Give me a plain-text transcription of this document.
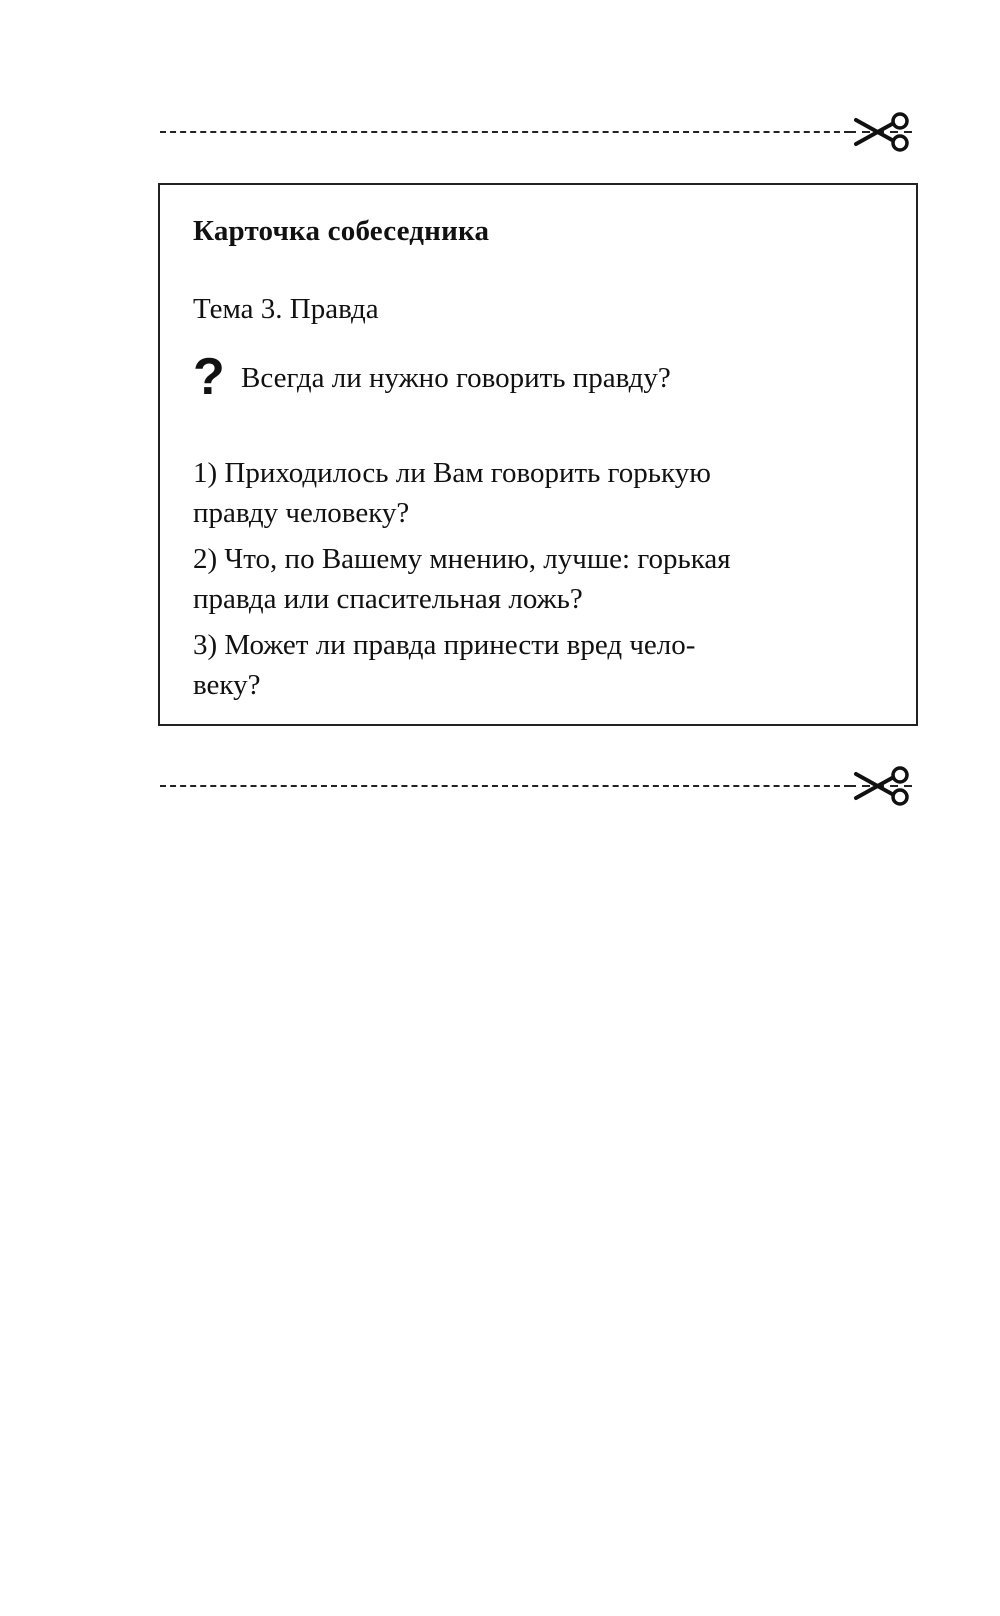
Карточка собеседника
Тема 3. Правда
? Всегда ли нужно говорить правду?
1) Приходилось ли Вам говорить горькую
правду человеку?
2) Что, по Вашему мнению, лучше: горькая
правда или спасительная ложь?
3) Может ли правда принести вред чело-
веку?
